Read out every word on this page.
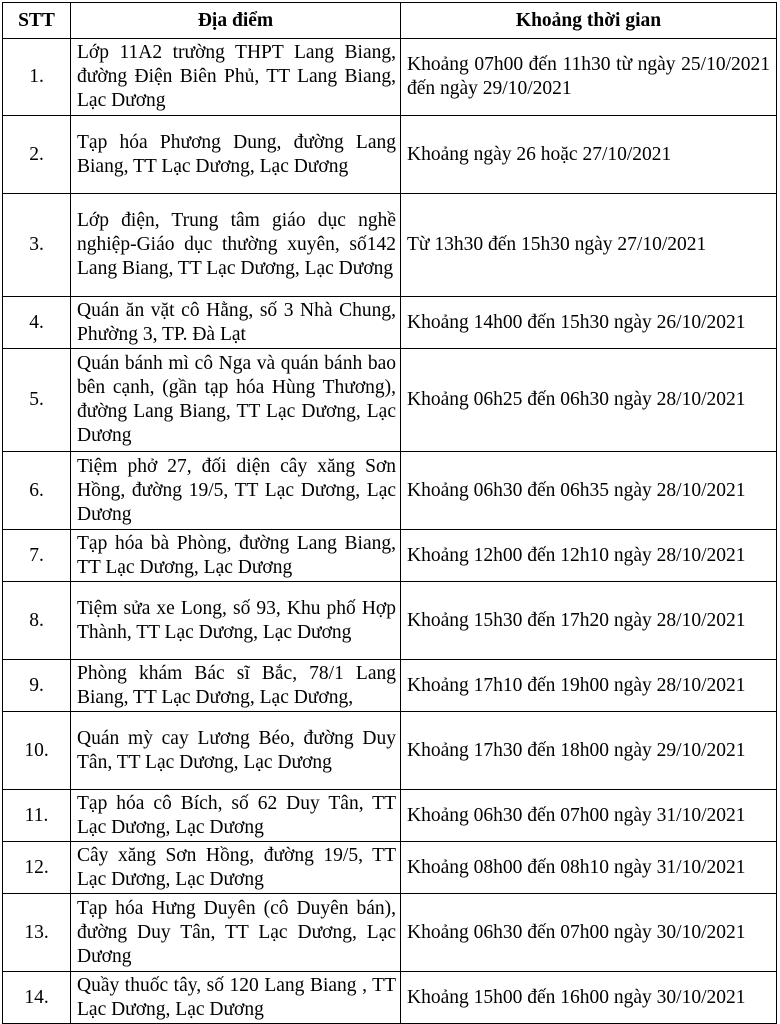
STT	Địa điểm	Khoảng thời gian
1.	Lớp 11A2 trường THPT Lang Biang, đường Điện Biên Phủ, TT Lang Biang, Lạc Dương	Khoảng 07h00 đến 11h30 từ ngày 25/10/2021 đến ngày 29/10/2021
2.	Tạp hóa Phương Dung, đường Lang Biang, TT Lạc Dương, Lạc Dương	Khoảng ngày 26 hoặc 27/10/2021
3.	Lớp điện, Trung tâm giáo dục nghề nghiệp-Giáo dục thường xuyên, số142 Lang Biang, TT Lạc Dương, Lạc Dương	Từ 13h30 đến 15h30 ngày 27/10/2021
4.	Quán ăn vặt cô Hằng, số 3 Nhà Chung, Phường 3, TP. Đà Lạt	Khoảng 14h00 đến 15h30 ngày 26/10/2021
5.	Quán bánh mì cô Nga và quán bánh bao bên cạnh, (gần tạp hóa Hùng Thương), đường Lang Biang, TT Lạc Dương, Lạc Dương	Khoảng 06h25 đến 06h30 ngày 28/10/2021
6.	Tiệm phở 27, đối diện cây xăng Sơn Hồng, đường 19/5, TT Lạc Dương, Lạc Dương	Khoảng 06h30 đến 06h35 ngày 28/10/2021
7.	Tạp hóa bà Phòng, đường Lang Biang, TT Lạc Dương, Lạc Dương	Khoảng 12h00 đến 12h10 ngày 28/10/2021
8.	Tiệm sửa xe Long, số 93, Khu phố Hợp Thành, TT Lạc Dương, Lạc Dương	Khoảng 15h30 đến 17h20 ngày 28/10/2021
9.	Phòng khám Bác sĩ Bắc, 78/1 Lang Biang, TT Lạc Dương, Lạc Dương,	Khoảng 17h10 đến 19h00 ngày 28/10/2021
10.	Quán mỳ cay Lương Béo, đường Duy Tân, TT Lạc Dương, Lạc Dương	Khoảng 17h30 đến 18h00 ngày 29/10/2021
11.	Tạp hóa cô Bích, số 62 Duy Tân, TT Lạc Dương, Lạc Dương	Khoảng 06h30 đến 07h00 ngày 31/10/2021
12.	Cây xăng Sơn Hồng, đường 19/5, TT Lạc Dương, Lạc Dương	Khoảng 08h00 đến 08h10 ngày 31/10/2021
13.	Tạp hóa Hưng Duyên (cô Duyên bán), đường Duy Tân, TT Lạc Dương, Lạc Dương	Khoảng 06h30 đến 07h00 ngày 30/10/2021
14.	Quầy thuốc tây, số 120 Lang Biang , TT Lạc Dương, Lạc Dương	Khoảng 15h00 đến 16h00 ngày 30/10/2021
